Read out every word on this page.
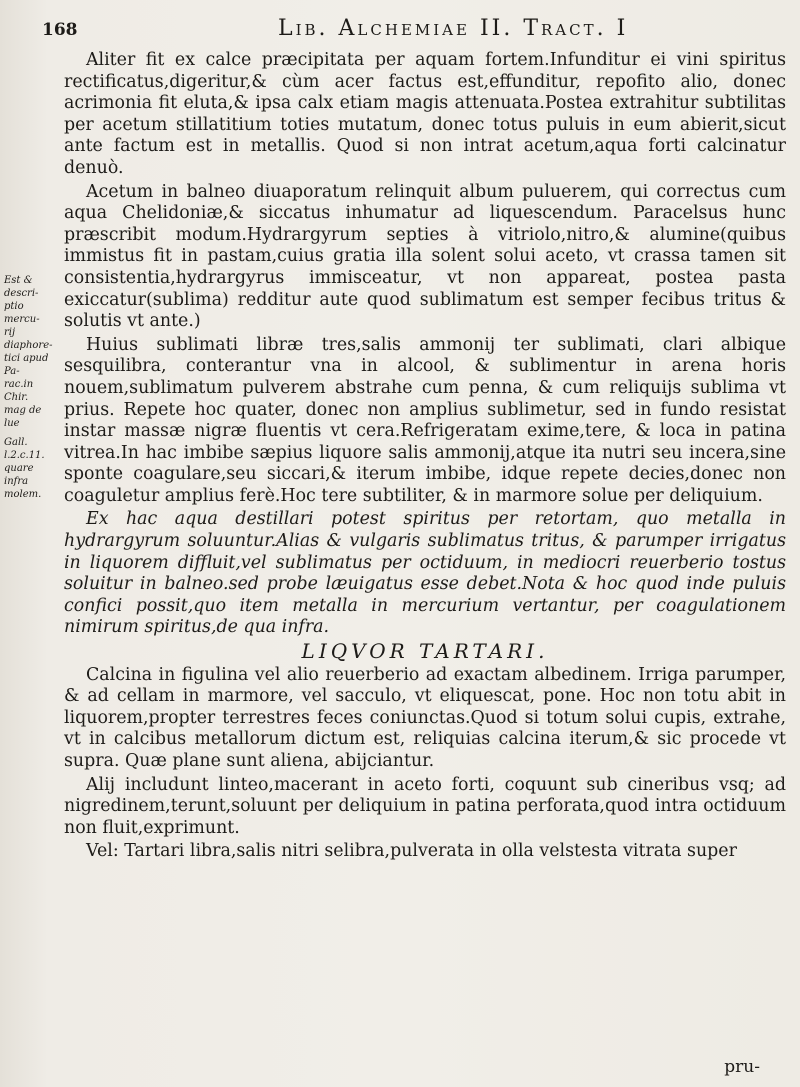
168	Lib. Alchemiae II. Tract. I
Est & descri-
ptio mercu-
rij diaphore-
tici apud Pa-
rac.in Chir.
mag de lue
Gall. l.2.c.11.
quare infra
molem.

Aliter fit ex calce præcipitata per aquam fortem.Infunditur ei vini spiritus rectificatus,digeritur,& cùm acer factus est,effunditur, repofito alio, donec acrimonia fit eluta,& ipsa calx etiam magis attenuata.Postea extrahitur subtilitas per acetum stillatitium toties mutatum, donec totus puluis in eum abierit,sicut ante factum est in metallis. Quod si non intrat acetum,aqua forti calcinatur denuò.

Acetum in balneo diuaporatum relinquit album puluerem, qui correctus cum aqua Chelidoniæ,& siccatus inhumatur ad liquescendum. Paracelsus hunc præscribit modum.Hydrargyrum septies à vitriolo,nitro,& alumine(quibus immistus fit in pastam,cuius gratia illa solent solui aceto, vt crassa tamen sit consistentia,hydrargyrus immisceatur, vt non appareat, postea pasta exiccatur(sublima) redditur aute quod sublimatum est semper fecibus tritus & solutis vt ante.)

Huius sublimati libræ tres,salis ammonij ter sublimati, clari albique sesquilibra, conterantur vna in alcool, & sublimentur in arena horis nouem,sublimatum pulverem abstrahe cum penna, & cum reliquijs sublima vt prius. Repete hoc quater, donec non amplius sublimetur, sed in fundo resistat instar massæ nigræ fluentis vt cera.Refrigeratam exime,tere, & loca in patina vitrea.In hac imbibe sæpius liquore salis ammonij,atque ita nutri seu incera,sine sponte coagulare,seu siccari,& iterum imbibe, idque repete decies,donec non coaguletur amplius ferè.Hoc tere subtiliter, & in marmore solue per deliquium.

Ex hac aqua destillari potest spiritus per retortam, quo metalla in hydrargyrum soluuntur.Alias & vulgaris sublimatus tritus, & parumper irrigatus in liquorem diffluit,vel sublimatus per octiduum, in mediocri reuerberio tostus soluitur in balneo.sed probe læuigatus esse debet.Nota & hoc quod inde puluis confici possit,quo item metalla in mercurium vertantur, per coagulationem nimirum spiritus,de qua infra.

LIQVOR TARTARI.

Calcina in figulina vel alio reuerberio ad exactam albedinem. Irriga parumper, & ad cellam in marmore, vel sacculo, vt eliquescat, pone. Hoc non totu abit in liquorem,propter terrestres feces coniunctas.Quod si totum solui cupis, extrahe, vt in calcibus metallorum dictum est, reliquias calcina iterum,& sic procede vt supra. Quæ plane sunt aliena, abijciantur.

Alij includunt linteo,macerant in aceto forti, coquunt sub cineribus vsq; ad nigredinem,terunt,soluunt per deliquium in patina perforata,quod intra octiduum non fluit,exprimunt.

Vel: Tartari libra,salis nitri selibra,pulverata in olla velstesta vitrata super

pru-
